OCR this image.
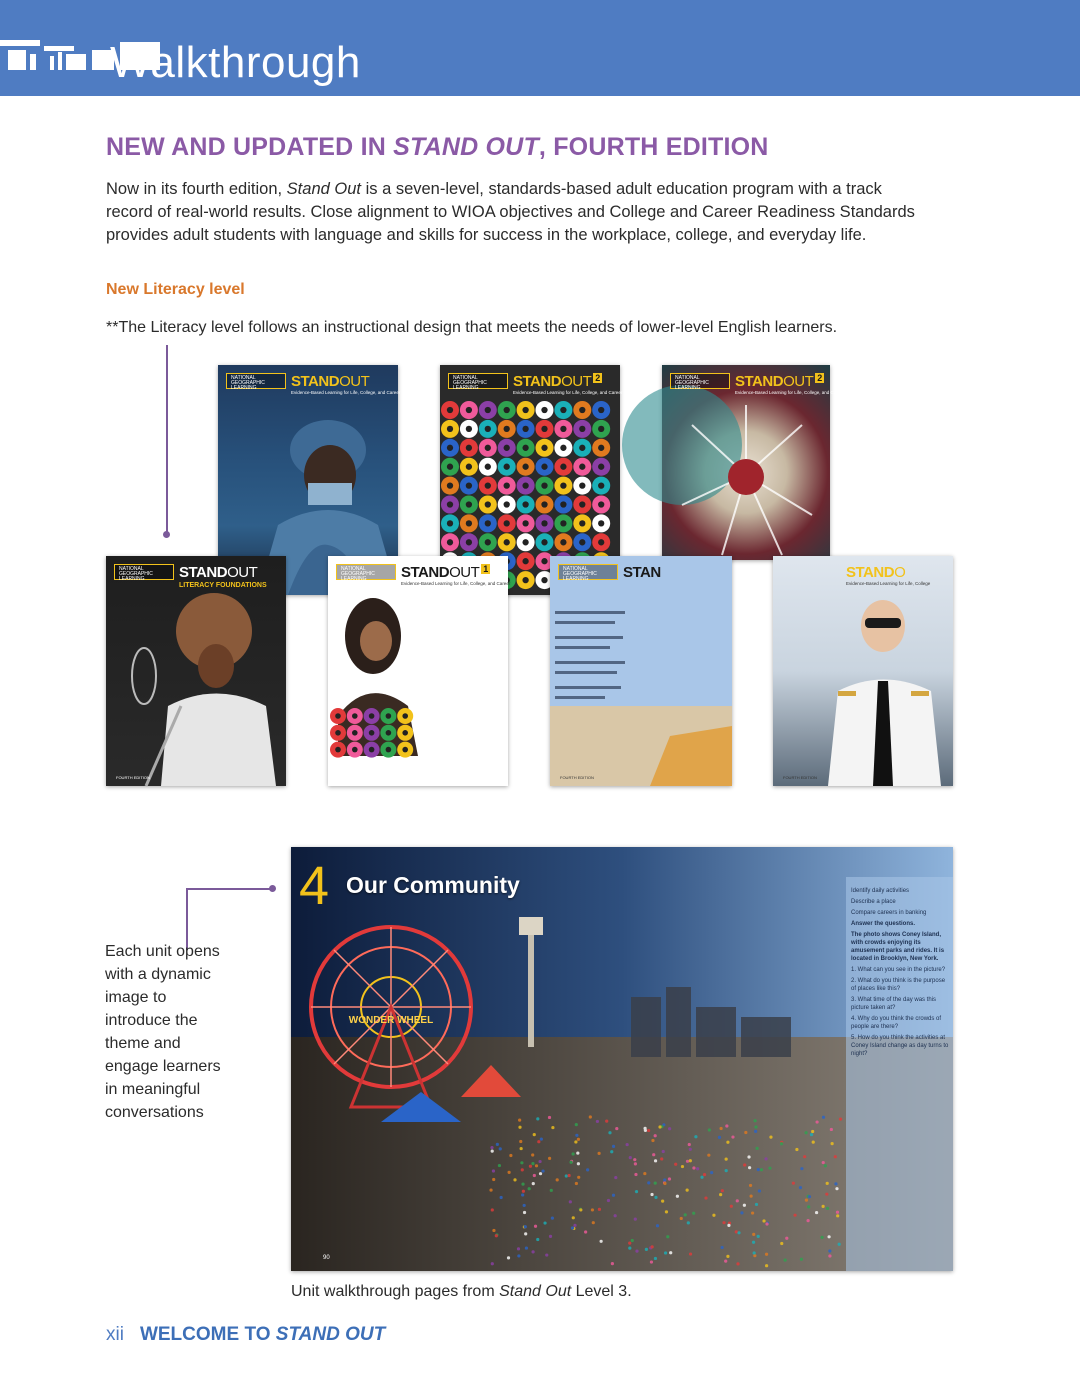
Walkthrough
NEW AND UPDATED IN STAND OUT, FOURTH EDITION
Now in its fourth edition, Stand Out is a seven-level, standards-based adult education program with a track record of real-world results. Close alignment to WIOA objectives and College and Career Readiness Standards provides adult students with language and skills for success in the workplace, college, and everyday life.
New Literacy level
**The Literacy level follows an instructional design that meets the needs of lower-level English learners.
NATIONAL GEOGRAPHIC LEARNING	STANDOUT
Evidence-Based Learning for Life, College, and Career
NATIONAL GEOGRAPHIC LEARNING	STANDOUT 2
Evidence-Based Learning for Life, College, and Career
NATIONAL GEOGRAPHIC LEARNING	STANDOUT 2
Evidence-Based Learning for Life, College, and Career
NATIONAL GEOGRAPHIC LEARNING	STANDOUT
LITERACY FOUNDATIONS
FOURTH EDITION
NATIONAL GEOGRAPHIC LEARNING	STANDOUT 1
Evidence-Based Learning for Life, College, and Career
NATIONAL GEOGRAPHIC LEARNING	STAN
FOURTH EDITION
STANDO
Evidence-Based Learning for Life, College
FOURTH EDITION
WONDER WHEEL
4 Our Community	Identify daily activities

Describe a place

Compare careers in banking

Answer the questions.

The photo shows Coney Island, with crowds enjoying its amusement parks and rides. It is located in Brooklyn, New York.

1. What can you see in the picture?

2. What do you think is the purpose of places like this?

3. What time of the day was this picture taken at?

4. Why do you think the crowds of people are there?

5. How do you think the activities at Coney Island change as day turns to night?

90
Each unit opens with a dynamic image to introduce the theme and engage learners in meaningful conversations
Unit walkthrough pages from Stand Out Level 3.
xii WELCOME TO STAND OUT
